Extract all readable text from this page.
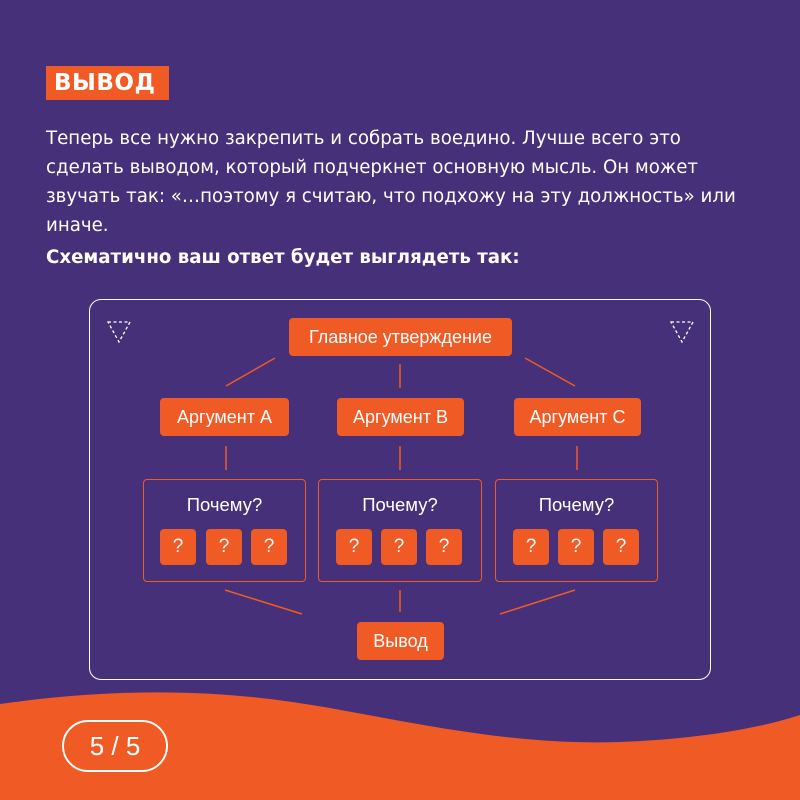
ВЫВОД

Теперь все нужно закрепить и собрать воедино. Лучше всего это сделать выводом, который подчеркнет основную мысль. Он может звучать так: «…поэтому я считаю, что подхожу на эту должность» или иначе.

Схематично ваш ответ будет выглядеть так:

Главное утверждение
Аргумент А	Аргумент В	Аргумент С
Почему?
?	?	?
Почему?
?	?	?
Почему?
?	?	?
Вывод
5 / 5
